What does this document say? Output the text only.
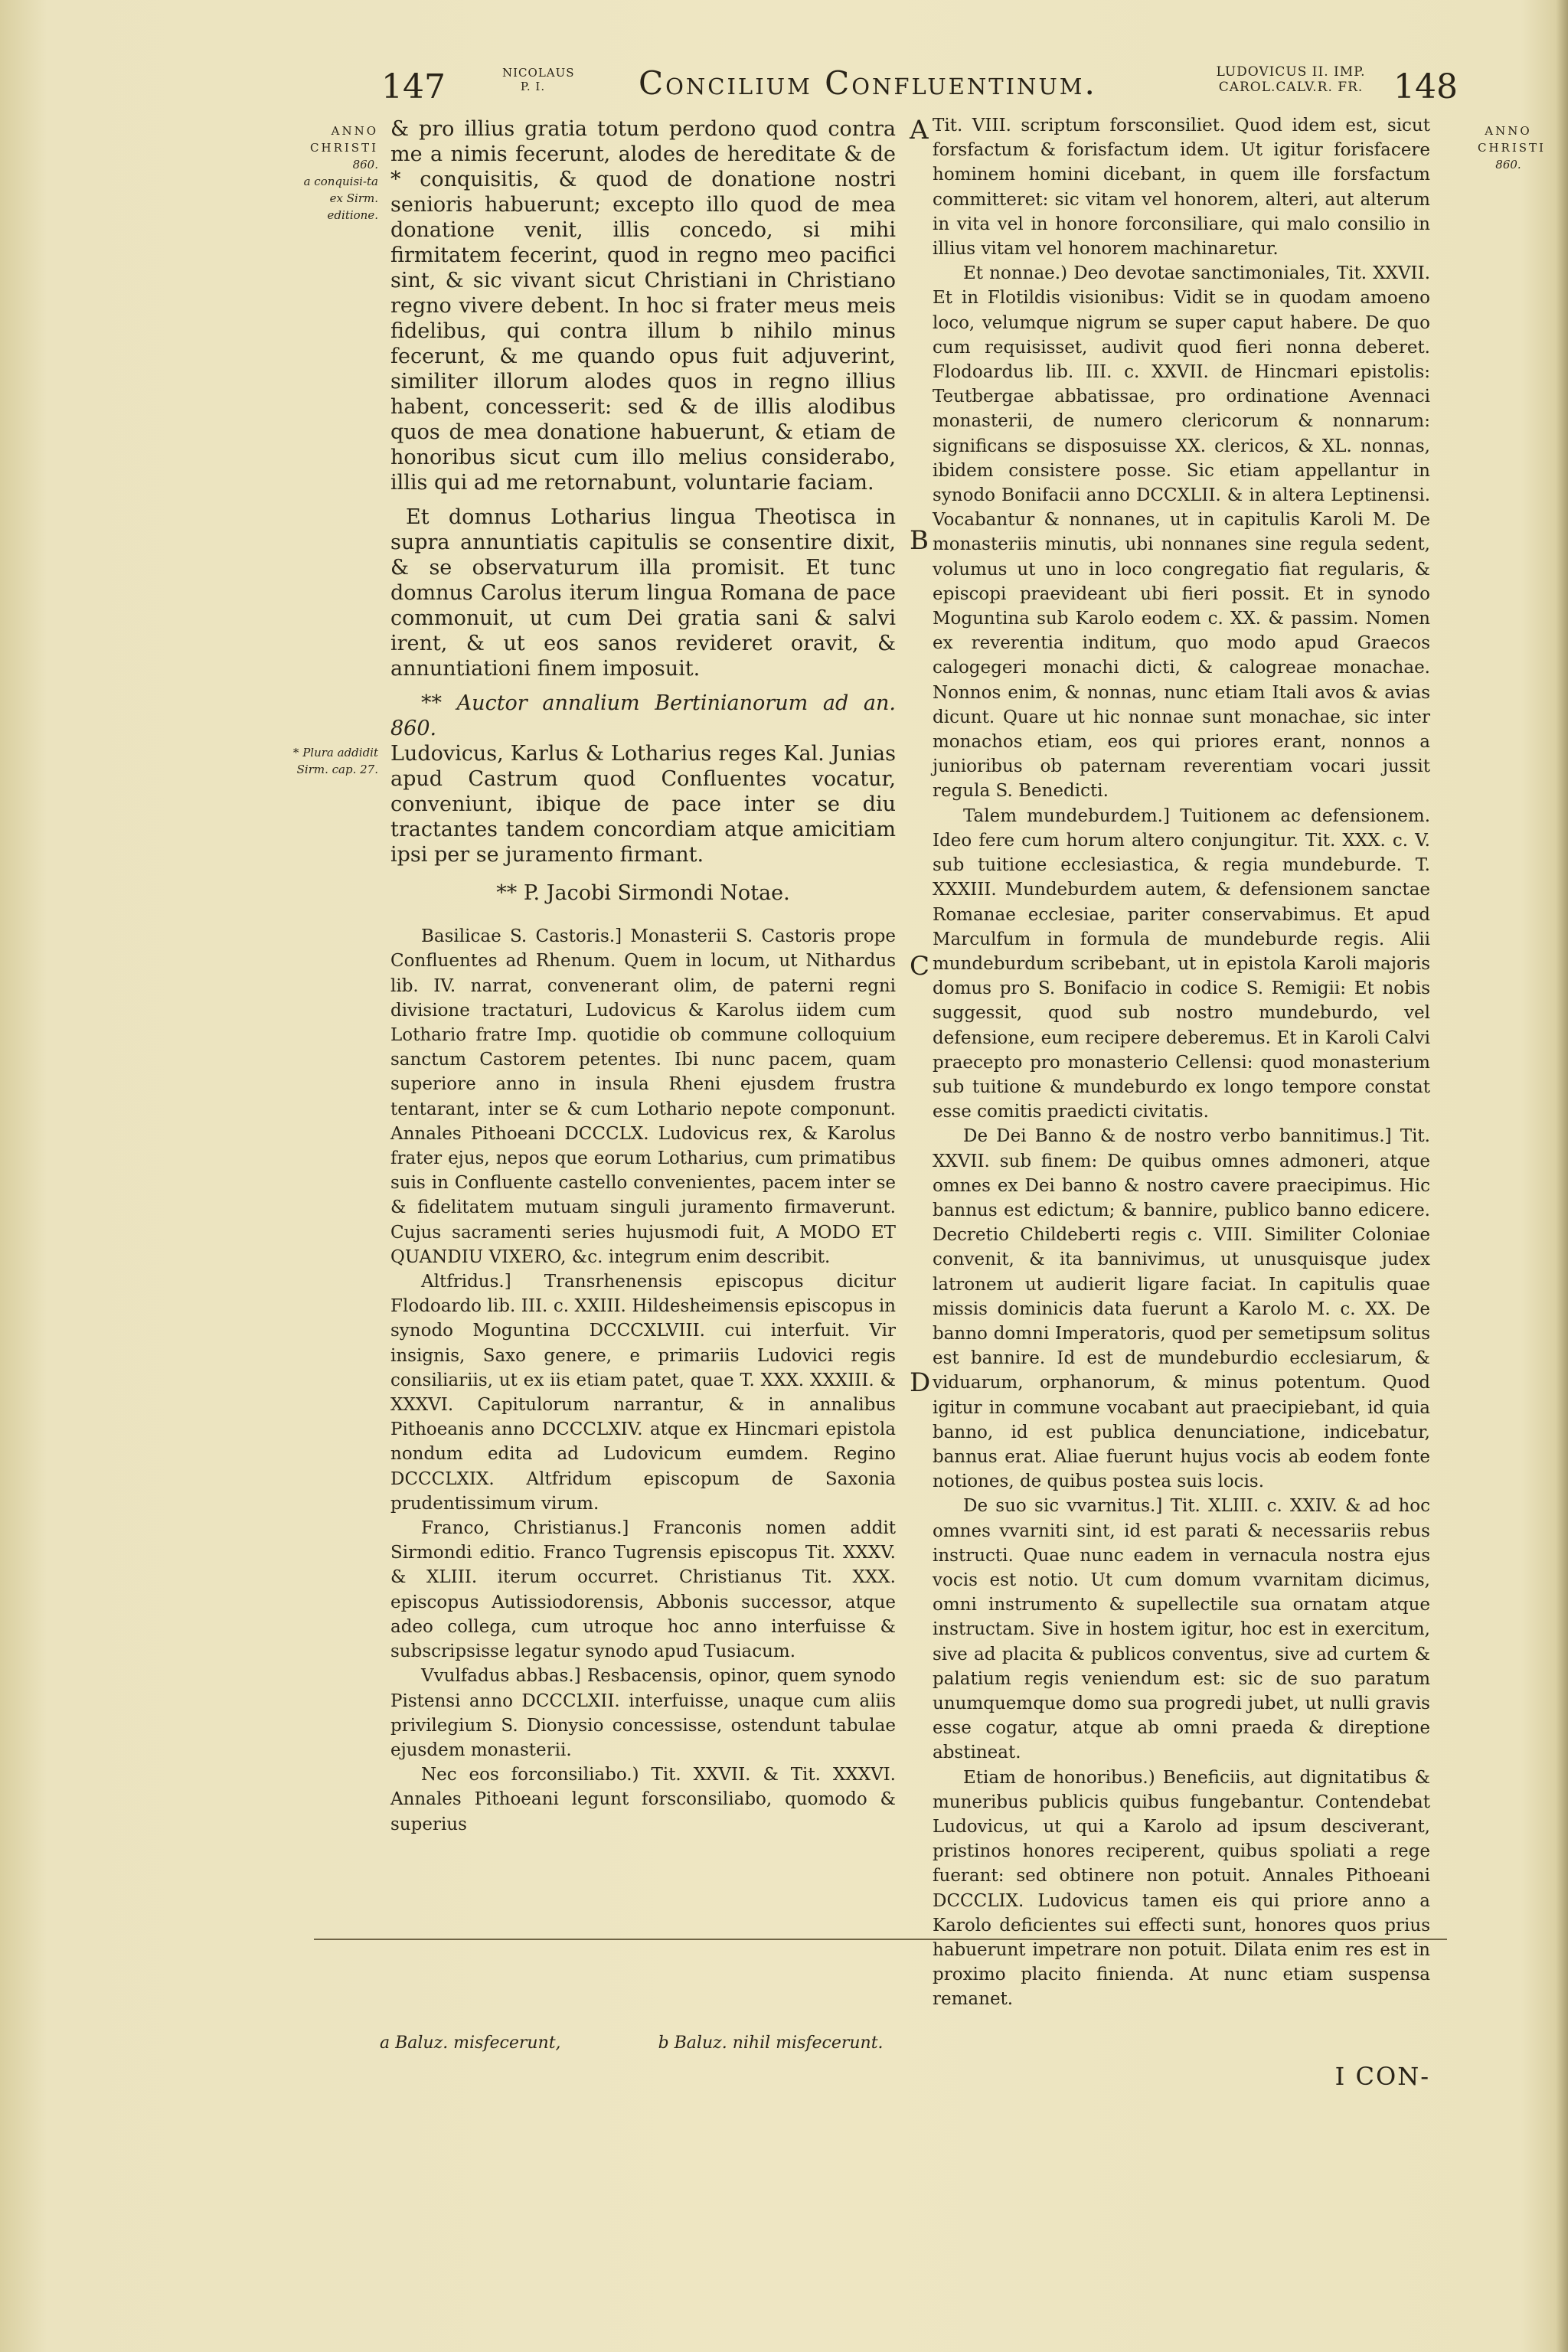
147	NICOLAUS P. I.	Concilium Confluentinum.	LUDOVICUS II. IMP. CAROL.CALV.R. FR. 148
ANNO
CHRISTI
860.
a conquisi-ta ex Sirm. editione.
* Plura addidit Sirm. cap. 27.
ANNO
CHRISTI
860.
A
B
C
D

& pro illius gratia totum perdono quod contra me a nimis fecerunt, alodes de hereditate & de * conquisitis, & quod de donatione nostri senioris habuerunt; excepto illo quod de mea donatione venit, illis concedo, si mihi firmitatem fecerint, quod in regno meo pacifici sint, & sic vivant sicut Christiani in Christiano regno vivere debent. In hoc si frater meus meis fidelibus, qui contra illum b nihilo minus fecerunt, & me quando opus fuit adjuverint, similiter illorum alodes quos in regno illius habent, concesserit: sed & de illis alodibus quos de mea donatione habuerunt, & etiam de honoribus sicut cum illo melius considerabo, illis qui ad me retornabunt, voluntarie faciam.

Et domnus Lotharius lingua Theotisca in supra annuntiatis capitulis se consentire dixit, & se observaturum illa promisit. Et tunc domnus Carolus iterum lingua Romana de pace commonuit, ut cum Dei gratia sani & salvi irent, & ut eos sanos revideret oravit, & annuntiationi finem imposuit.

** Auctor annalium Bertinianorum ad an. 860.

Ludovicus, Karlus & Lotharius reges Kal. Junias apud Castrum quod Confluentes vocatur, conveniunt, ibique de pace inter se diu tractantes tandem concordiam atque amicitiam ipsi per se juramento firmant.

** P. Jacobi Sirmondi Notae.

Basilicae S. Castoris.] Monasterii S. Castoris prope Confluentes ad Rhenum. Quem in locum, ut Nithardus lib. IV. narrat, convenerant olim, de paterni regni divisione tractaturi, Ludovicus & Karolus iidem cum Lothario fratre Imp. quotidie ob commune colloquium sanctum Castorem petentes. Ibi nunc pacem, quam superiore anno in insula Rheni ejusdem frustra tentarant, inter se & cum Lothario nepote componunt. Annales Pithoeani DCCCLX. Ludovicus rex, & Karolus frater ejus, nepos que eorum Lotharius, cum primatibus suis in Confluente castello convenientes, pacem inter se & fidelitatem mutuam singuli juramento firmaverunt. Cujus sacramenti series hujusmodi fuit, A MODO ET QUANDIU VIXERO, &c. integrum enim describit.

Altfridus.] Transrhenensis episcopus dicitur Flodoardo lib. III. c. XXIII. Hildesheimensis episcopus in synodo Moguntina DCCCXLVIII. cui interfuit. Vir insignis, Saxo genere, e primariis Ludovici regis consiliariis, ut ex iis etiam patet, quae T. XXX. XXXIII. & XXXVI. Capitulorum narrantur, & in annalibus Pithoeanis anno DCCCLXIV. atque ex Hincmari epistola nondum edita ad Ludovicum eumdem. Regino DCCCLXIX. Altfridum episcopum de Saxonia prudentissimum virum.

Franco, Christianus.] Franconis nomen addit Sirmondi editio. Franco Tugrensis episcopus Tit. XXXV. & XLIII. iterum occurret. Christianus Tit. XXX. episcopus Autissiodorensis, Abbonis successor, atque adeo collega, cum utroque hoc anno interfuisse & subscripsisse legatur synodo apud Tusiacum.

Vvulfadus abbas.] Resbacensis, opinor, quem synodo Pistensi anno DCCCLXII. interfuisse, unaque cum aliis privilegium S. Dionysio concessisse, ostendunt tabulae ejusdem monasterii.

Nec eos forconsiliabo.) Tit. XXVII. & Tit. XXXVI. Annales Pithoeani legunt forsconsiliabo, quomodo & superius

Tit. VIII. scriptum forsconsiliet. Quod idem est, sicut forsfactum & forisfactum idem. Ut igitur forisfacere hominem homini dicebant, in quem ille forsfactum committeret: sic vitam vel honorem, alteri, aut alterum in vita vel in honore forconsiliare, qui malo consilio in illius vitam vel honorem machinaretur.

Et nonnae.) Deo devotae sanctimoniales, Tit. XXVII. Et in Flotildis visionibus: Vidit se in quodam amoeno loco, velumque nigrum se super caput habere. De quo cum requisisset, audivit quod fieri nonna deberet. Flodoardus lib. III. c. XXVII. de Hincmari epistolis: Teutbergae abbatissae, pro ordinatione Avennaci monasterii, de numero clericorum & nonnarum: significans se disposuisse XX. clericos, & XL. nonnas, ibidem consistere posse. Sic etiam appellantur in synodo Bonifacii anno DCCXLII. & in altera Leptinensi. Vocabantur & nonnanes, ut in capitulis Karoli M. De monasteriis minutis, ubi nonnanes sine regula sedent, volumus ut uno in loco congregatio fiat regularis, & episcopi praevideant ubi fieri possit. Et in synodo Moguntina sub Karolo eodem c. XX. & passim. Nomen ex reverentia inditum, quo modo apud Graecos calogegeri monachi dicti, & calogreae monachae. Nonnos enim, & nonnas, nunc etiam Itali avos & avias dicunt. Quare ut hic nonnae sunt monachae, sic inter monachos etiam, eos qui priores erant, nonnos a junioribus ob paternam reverentiam vocari jussit regula S. Benedicti.

Talem mundeburdem.] Tuitionem ac defensionem. Ideo fere cum horum altero conjungitur. Tit. XXX. c. V. sub tuitione ecclesiastica, & regia mundeburde. T. XXXIII. Mundeburdem autem, & defensionem sanctae Romanae ecclesiae, pariter conservabimus. Et apud Marculfum in formula de mundeburde regis. Alii mundeburdum scribebant, ut in epistola Karoli majoris domus pro S. Bonifacio in codice S. Remigii: Et nobis suggessit, quod sub nostro mundeburdo, vel defensione, eum recipere deberemus. Et in Karoli Calvi praecepto pro monasterio Cellensi: quod monasterium sub tuitione & mundeburdo ex longo tempore constat esse comitis praedicti civitatis.

De Dei Banno & de nostro verbo bannitimus.] Tit. XXVII. sub finem: De quibus omnes admoneri, atque omnes ex Dei banno & nostro cavere praecipimus. Hic bannus est edictum; & bannire, publico banno edicere. Decretio Childeberti regis c. VIII. Similiter Coloniae convenit, & ita bannivimus, ut unusquisque judex latronem ut audierit ligare faciat. In capitulis quae missis dominicis data fuerunt a Karolo M. c. XX. De banno domni Imperatoris, quod per semetipsum solitus est bannire. Id est de mundeburdio ecclesiarum, & viduarum, orphanorum, & minus potentum. Quod igitur in commune vocabant aut praecipiebant, id quia banno, id est publica denunciatione, indicebatur, bannus erat. Aliae fuerunt hujus vocis ab eodem fonte notiones, de quibus postea suis locis.

De suo sic vvarnitus.] Tit. XLIII. c. XXIV. & ad hoc omnes vvarniti sint, id est parati & necessariis rebus instructi. Quae nunc eadem in vernacula nostra ejus vocis est notio. Ut cum domum vvarnitam dicimus, omni instrumento & supellectile sua ornatam atque instructam. Sive in hostem igitur, hoc est in exercitum, sive ad placita & publicos conventus, sive ad curtem & palatium regis veniendum est: sic de suo paratum unumquemque domo sua progredi jubet, ut nulli gravis esse cogatur, atque ab omni praeda & direptione abstineat.

Etiam de honoribus.) Beneficiis, aut dignitatibus & muneribus publicis quibus fungebantur. Contendebat Ludovicus, ut qui a Karolo ad ipsum desciverant, pristinos honores reciperent, quibus spoliati a rege fuerant: sed obtinere non potuit. Annales Pithoeani DCCCLIX. Ludovicus tamen eis qui priore anno a Karolo deficientes sui effecti sunt, honores quos prius habuerunt impetrare non potuit. Dilata enim res est in proximo placito finienda. At nunc etiam suspensa remanet.

I CON-

a Baluz. misfecerunt,	b Baluz. nihil misfecerunt.
